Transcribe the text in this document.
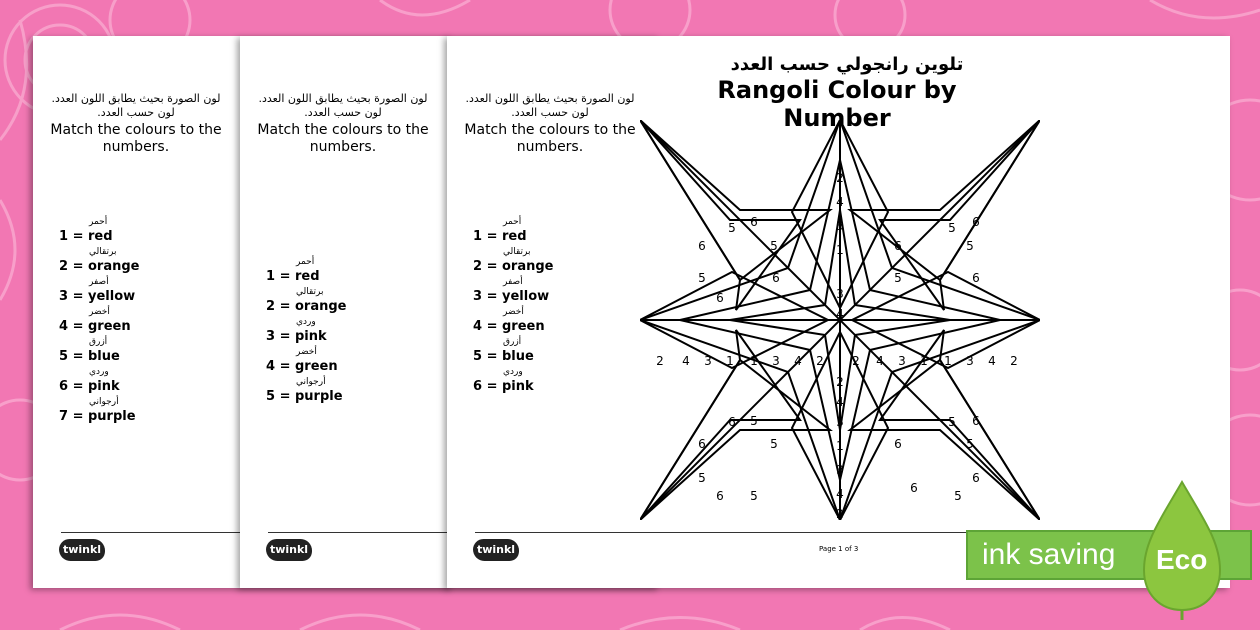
لون الصورة بحيث يطابق اللون العدد. لون حسب العدد.
Match the colours to the numbers.
أحمر
1 = red
برتقالي
2 = orange
أصفر
3 = yellow
أخضر
4 = green
أزرق
5 = blue
وردي
6 = pink
أرجواني
7 = purple
twinkl
لون الصورة بحيث يطابق اللون العدد. لون حسب العدد.
Match the colours to the numbers.
أحمر
1 = red
برتقالي
2 = orange
وردي
3 = pink
أخضر
4 = green
أرجواني
5 = purple
twinkl
تلوين رانجولي حسب العدد
Rangoli Colour by Number
لون الصورة بحيث يطابق اللون العدد. لون حسب العدد.
Match the colours to the numbers.
أحمر
1 = red
برتقالي
2 = orange
أصفر
3 = yellow
أخضر
4 = green
أزرق
5 = blue
وردي
6 = pink
2
4
3
1
3
4
2
4
3
1
3
4
2
2 4 3 1 1 3 4 2 2 4 3 1 1 3 4 2
5 6
6	5
5	6
6
5 6
6	5
5	6
6	5
6 5
5
6 5
6	5
5 6
6
5
6
twinkl	Page 1 of 3	ink saving Eco
